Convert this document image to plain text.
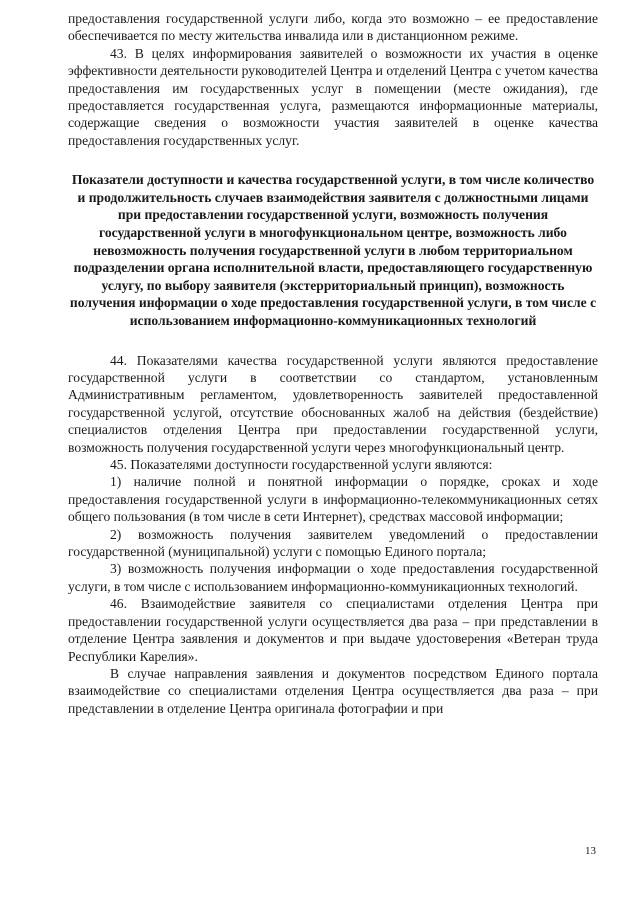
предоставления государственной услуги либо, когда это возможно – ее предоставление обеспечивается по месту жительства инвалида или в дистанционном режиме.

43. В целях информирования заявителей о возможности их участия в оценке эффективности деятельности руководителей Центра и отделений Центра с учетом качества предоставления им государственных услуг в помещении (месте ожидания), где предоставляется государственная услуга, размещаются информационные материалы, содержащие сведения о возможности участия заявителей в оценке качества предоставления государственных услуг.

Показатели доступности и качества государственной услуги, в том числе количество и продолжительность случаев взаимодействия заявителя с должностными лицами при предоставлении государственной услуги, возможность получения государственной услуги в многофункциональном центре, возможность либо невозможность получения государственной услуги в любом территориальном подразделении органа исполнительной власти, предоставляющего государственную услугу, по выбору заявителя (экстерриториальный принцип), возможность получения информации о ходе предоставления государственной услуги, в том числе с использованием информационно-коммуникационных технологий

44. Показателями качества государственной услуги являются предоставление государственной услуги в соответствии со стандартом, установленным Административным регламентом, удовлетворенность заявителей предоставленной государственной услугой, отсутствие обоснованных жалоб на действия (бездействие) специалистов отделения Центра при предоставлении государственной услуги, возможность получения государственной услуги через многофункциональный центр.

45. Показателями доступности государственной услуги являются:

1) наличие полной и понятной информации о порядке, сроках и ходе предоставления государственной услуги в информационно-телекоммуникационных сетях общего пользования (в том числе в сети Интернет), средствах массовой информации;

2) возможность получения заявителем уведомлений о предоставлении государственной (муниципальной) услуги с помощью Единого портала;

3) возможность получения информации о ходе предоставления государственной услуги, в том числе с использованием информационно-коммуникационных технологий.

46. Взаимодействие заявителя со специалистами отделения Центра при предоставлении государственной услуги осуществляется два раза – при представлении в отделение Центра заявления и документов и при выдаче удостоверения «Ветеран труда Республики Карелия».

В случае направления заявления и документов посредством Единого портала взаимодействие со специалистами отделения Центра осуществляется два раза – при представлении в отделение Центра оригинала фотографии и при

13
